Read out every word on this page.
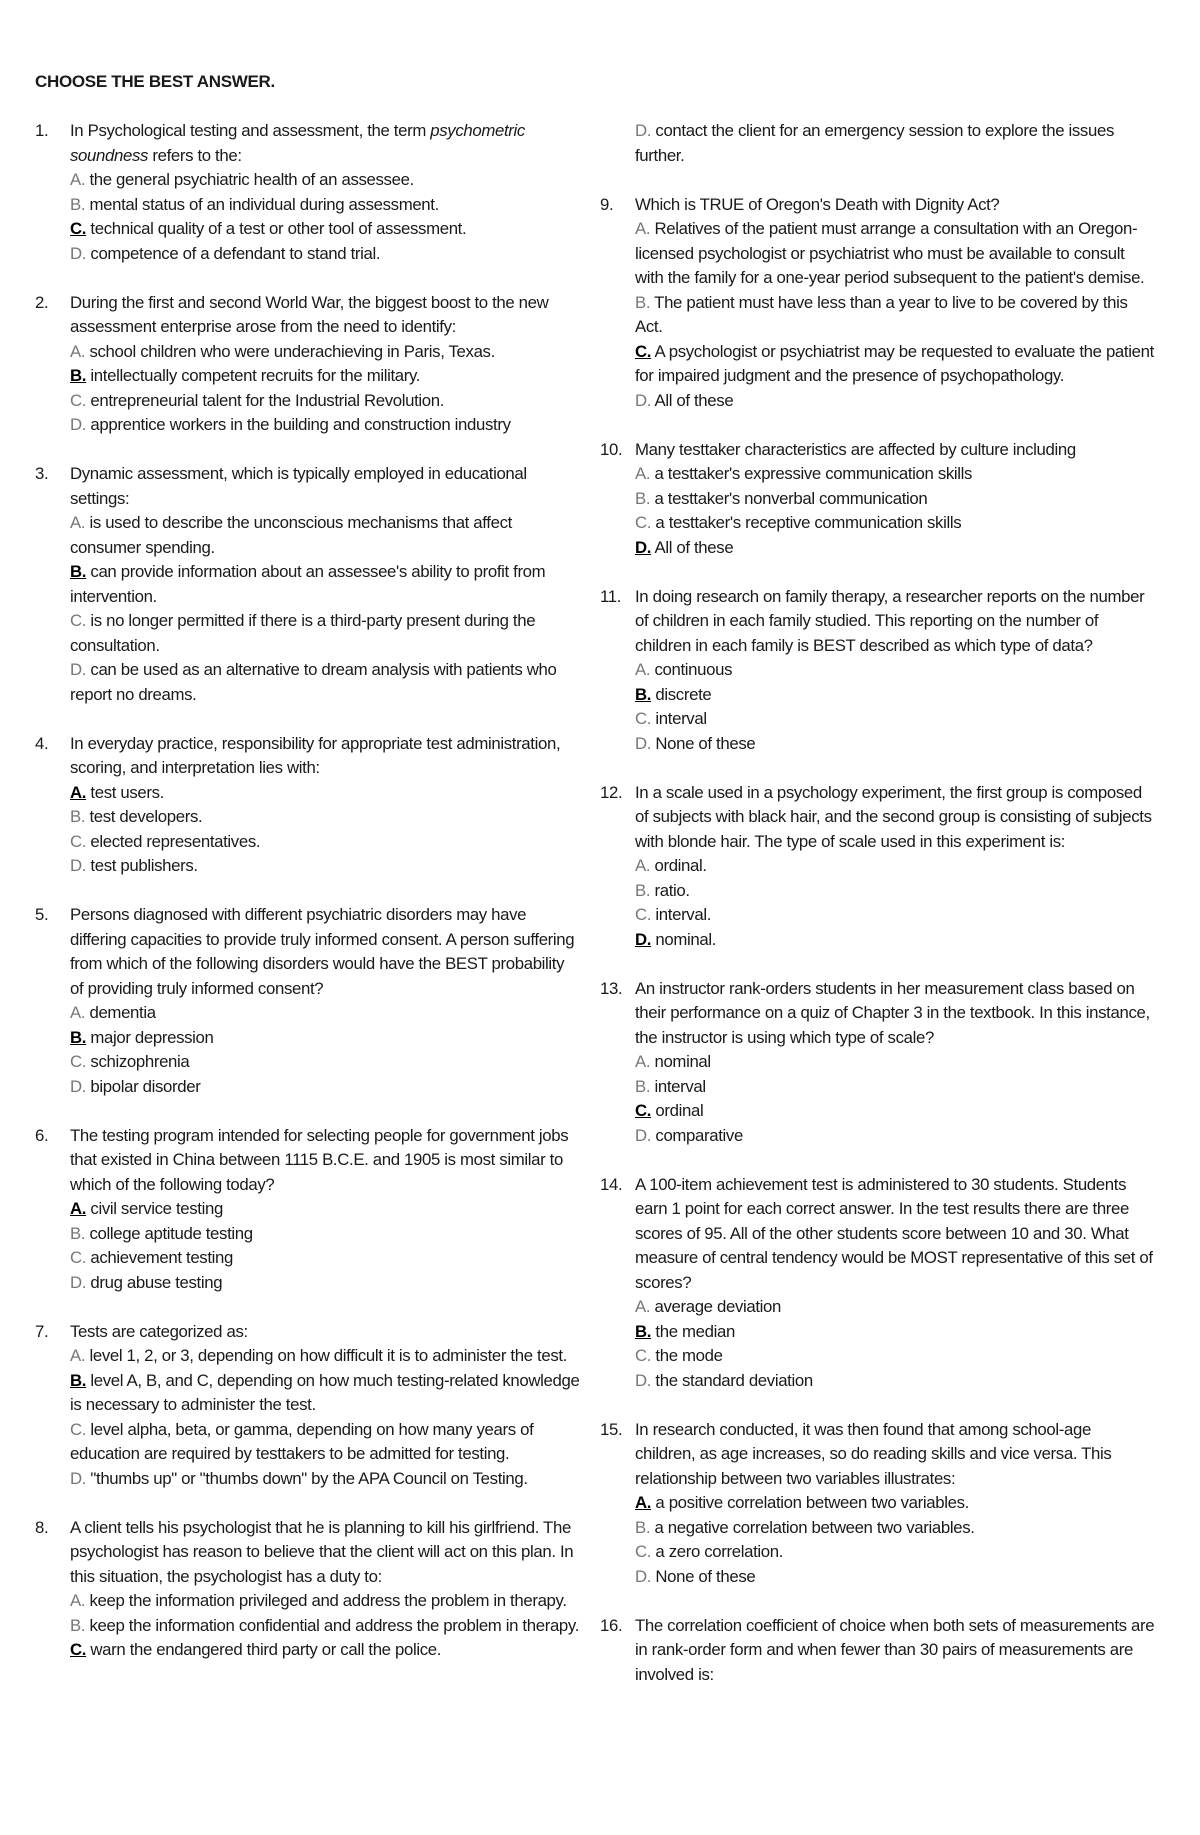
CHOOSE THE BEST ANSWER.
1.	In Psychological testing and assessment, the term psychometric soundness refers to the:
A. the general psychiatric health of an assessee.
B. mental status of an individual during assessment.
C. technical quality of a test or other tool of assessment.
D. competence of a defendant to stand trial.
2.	During the first and second World War, the biggest boost to the new assessment enterprise arose from the need to identify:
A. school children who were underachieving in Paris, Texas.
B. intellectually competent recruits for the military.
C. entrepreneurial talent for the Industrial Revolution.
D. apprentice workers in the building and construction industry
3.	Dynamic assessment, which is typically employed in educational settings:
A. is used to describe the unconscious mechanisms that affect consumer spending.
B. can provide information about an assessee's ability to profit from intervention.
C. is no longer permitted if there is a third-party present during the consultation.
D. can be used as an alternative to dream analysis with patients who report no dreams.
4.	In everyday practice, responsibility for appropriate test administration, scoring, and interpretation lies with:
A. test users.
B. test developers.
C. elected representatives.
D. test publishers.
5.	Persons diagnosed with different psychiatric disorders may have differing capacities to provide truly informed consent. A person suffering from which of the following disorders would have the BEST probability of providing truly informed consent?
A. dementia
B. major depression
C. schizophrenia
D. bipolar disorder
6.	The testing program intended for selecting people for government jobs that existed in China between 1115 B.C.E. and 1905 is most similar to which of the following today?
A. civil service testing
B. college aptitude testing
C. achievement testing
D. drug abuse testing
7.	Tests are categorized as:
A. level 1, 2, or 3, depending on how difficult it is to administer the test.
B. level A, B, and C, depending on how much testing-related knowledge is necessary to administer the test.
C. level alpha, beta, or gamma, depending on how many years of education are required by testtakers to be admitted for testing.
D. "thumbs up" or "thumbs down" by the APA Council on Testing.
8.	A client tells his psychologist that he is planning to kill his girlfriend. The psychologist has reason to believe that the client will act on this plan. In this situation, the psychologist has a duty to:
A. keep the information privileged and address the problem in therapy.
B. keep the information confidential and address the problem in therapy.
C. warn the endangered third party or call the police.
D. contact the client for an emergency session to explore the issues further.
9.	Which is TRUE of Oregon's Death with Dignity Act?
A. Relatives of the patient must arrange a consultation with an Oregon-licensed psychologist or psychiatrist who must be available to consult with the family for a one-year period subsequent to the patient's demise.
B. The patient must have less than a year to live to be covered by this Act.
C. A psychologist or psychiatrist may be requested to evaluate the patient for impaired judgment and the presence of psychopathology.
D. All of these
10. Many testtaker characteristics are affected by culture including
A. a testtaker's expressive communication skills
B. a testtaker's nonverbal communication
C. a testtaker's receptive communication skills
D. All of these
11. In doing research on family therapy, a researcher reports on the number of children in each family studied. This reporting on the number of children in each family is BEST described as which type of data?
A. continuous
B. discrete
C. interval
D. None of these
12. In a scale used in a psychology experiment, the first group is composed of subjects with black hair, and the second group is consisting of subjects with blonde hair. The type of scale used in this experiment is:
A. ordinal.
B. ratio.
C. interval.
D. nominal.
13. An instructor rank-orders students in her measurement class based on their performance on a quiz of Chapter 3 in the textbook. In this instance, the instructor is using which type of scale?
A. nominal
B. interval
C. ordinal
D. comparative
14. A 100-item achievement test is administered to 30 students. Students earn 1 point for each correct answer. In the test results there are three scores of 95. All of the other students score between 10 and 30. What measure of central tendency would be MOST representative of this set of scores?
A. average deviation
B. the median
C. the mode
D. the standard deviation
15. In research conducted, it was then found that among school-age children, as age increases, so do reading skills and vice versa. This relationship between two variables illustrates:
A. a positive correlation between two variables.
B. a negative correlation between two variables.
C. a zero correlation.
D. None of these
16. The correlation coefficient of choice when both sets of measurements are in rank-order form and when fewer than 30 pairs of measurements are involved is:
